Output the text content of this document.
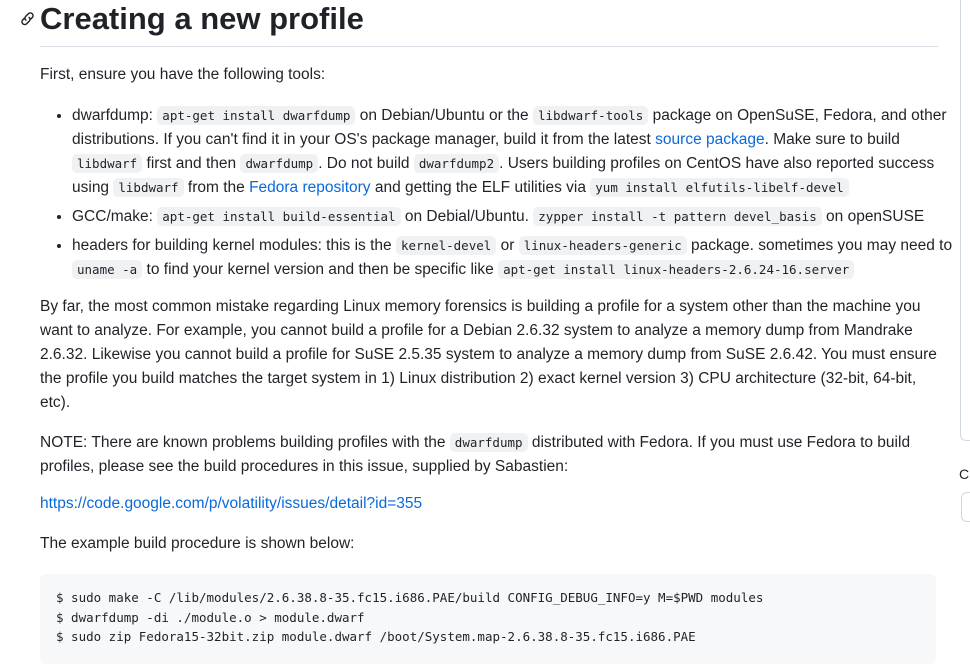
Creating a new profile

First, ensure you have the following tools:

• dwarfdump: apt-get install dwarfdump on Debian/Ubuntu or the libdwarf-tools package on OpenSuSE, Fedora, and other distributions. If you can't find it in your OS's package manager, build it from the latest source package. Make sure to build libdwarf first and then dwarfdump . Do not build dwarfdump2 . Users building profiles on CentOS have also reported success using libdwarf from the Fedora repository and getting the ELF utilities via yum install elfutils-libelf-devel
• GCC/make: apt-get install build-essential on Debial/Ubuntu. zypper install -t pattern devel_basis on openSUSE
• headers for building kernel modules: this is the kernel-devel or linux-headers-generic package. sometimes you may need to uname -a to find your kernel version and then be specific like apt-get install linux-headers-2.6.24-16.server

By far, the most common mistake regarding Linux memory forensics is building a profile for a system other than the machine you want to analyze. For example, you cannot build a profile for a Debian 2.6.32 system to analyze a memory dump from Mandrake 2.6.32. Likewise you cannot build a profile for SuSE 2.5.35 system to analyze a memory dump from SuSE 2.6.42. You must ensure the profile you build matches the target system in 1) Linux distribution 2) exact kernel version 3) CPU architecture (32-bit, 64-bit, etc).

NOTE: There are known problems building profiles with the dwarfdump distributed with Fedora. If you must use Fedora to build profiles, please see the build procedures in this issue, supplied by Sabastien:

https://code.google.com/p/volatility/issues/detail?id=355

The example build procedure is shown below:

$ sudo make -C /lib/modules/2.6.38.8-35.fc15.i686.PAE/build CONFIG_DEBUG_INFO=y M=$PWD modules
$ dwarfdump -di ./module.o > module.dwarf
$ sudo zip Fedora15-32bit.zip module.dwarf /boot/System.map-2.6.38.8-35.fc15.i686.PAE
C
